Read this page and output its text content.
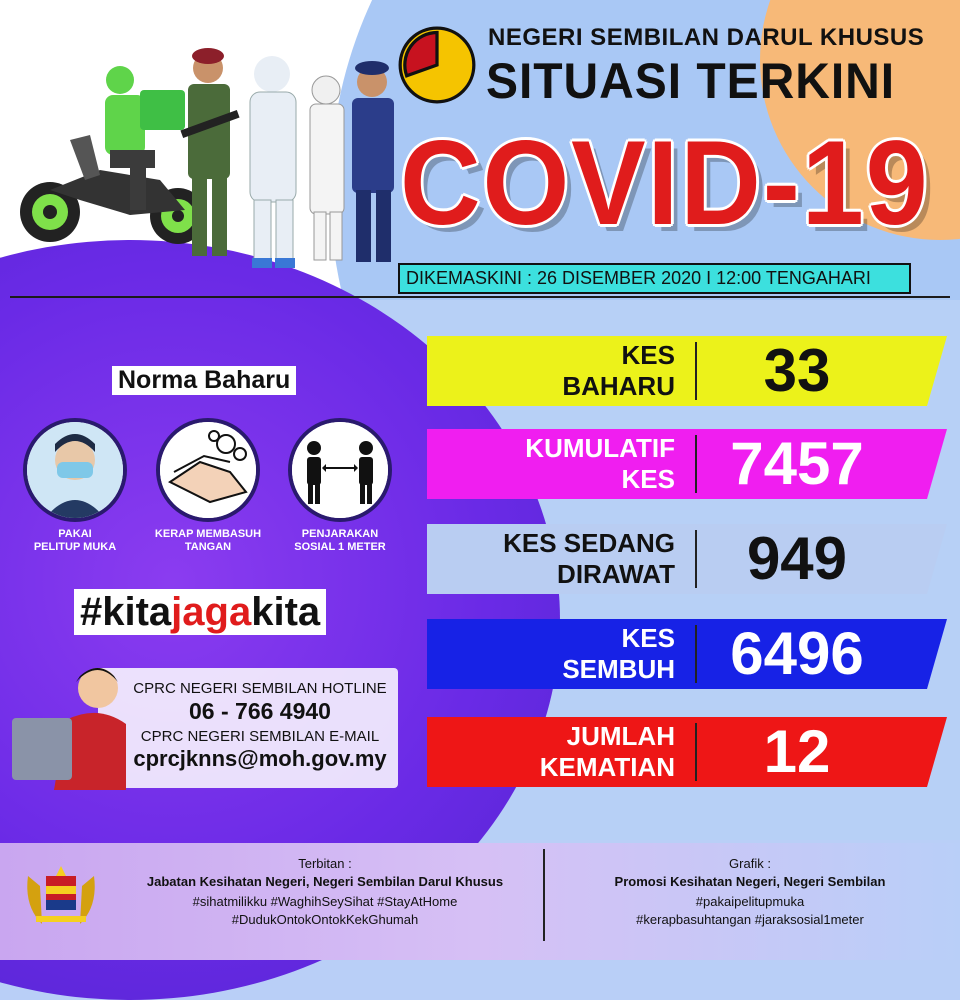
NEGERI SEMBILAN DARUL KHUSUS
SITUASI TERKINI
COVID-19
DIKEMASKINI : 26 DISEMBER 2020 I 12:00 TENGAHARI
KES
BAHARU	33
KUMULATIF
KES 7457
KES SEDANG
DIRAWAT	949
KES
SEMBUH 6496
JUMLAH
KEMATIAN	12
Norma Baharu
PAKAI
PELITUP MUKA
KERAP MEMBASUH
TANGAN
PENJARAKAN
SOSIAL 1 METER
#kitajagakita
CPRC NEGERI SEMBILAN HOTLINE
06 - 766 4940
CPRC NEGERI SEMBILAN E-MAIL
cprcjknns@moh.gov.my
Terbitan :
Jabatan Kesihatan Negeri, Negeri Sembilan Darul Khusus
#sihatmilikku #WaghihSeySihat #StayAtHome
#DudukOntokOntokKekGhumah
Grafik :
Promosi Kesihatan Negeri, Negeri Sembilan
#pakaipelitupmuka
#kerapbasuhtangan #jaraksosial1meter
